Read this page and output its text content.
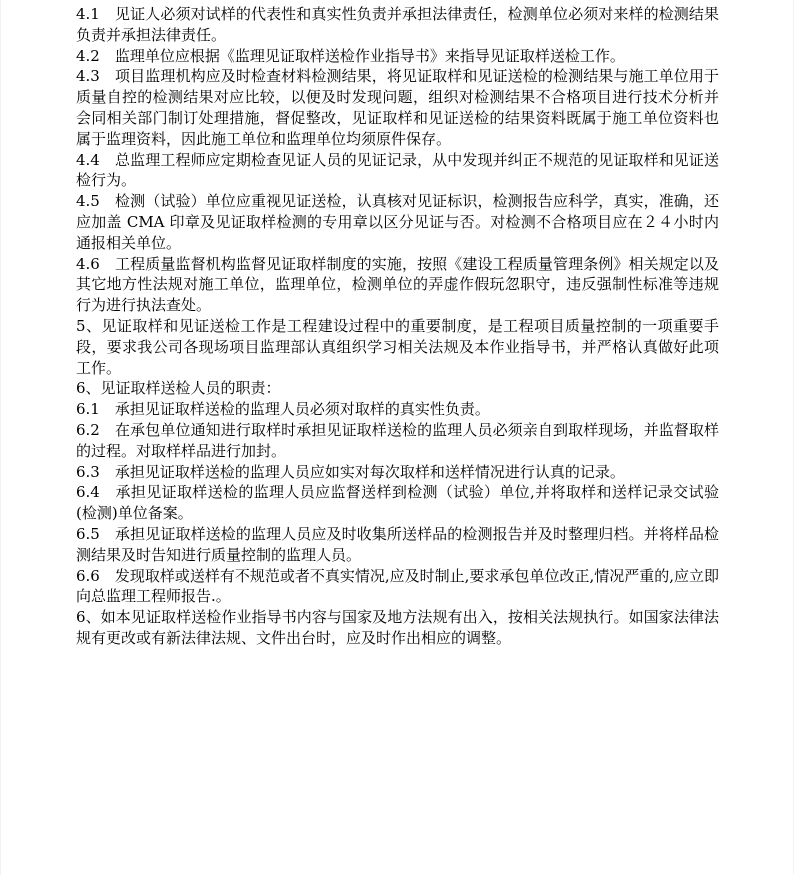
4.1　见证人必须对试样的代表性和真实性负责并承担法律责任，检测单位必须对来样的检测结果负责并承担法律责任。

4.2　监理单位应根据《监理见证取样送检作业指导书》来指导见证取样送检工作。

4.3　项目监理机构应及时检查材料检测结果，将见证取样和见证送检的检测结果与施工单位用于质量自控的检测结果对应比较，以便及时发现问题，组织对检测结果不合格项目进行技术分析并会同相关部门制订处理措施，督促整改，见证取样和见证送检的结果资料既属于施工单位资料也属于监理资料，因此施工单位和监理单位均须原件保存。

4.4　总监理工程师应定期检查见证人员的见证记录，从中发现并纠正不规范的见证取样和见证送检行为。

4.5　检测（试验）单位应重视见证送检，认真核对见证标识，检测报告应科学，真实，准确，还应加盖 CMA 印章及见证取样检测的专用章以区分见证与否。对检测不合格项目应在２４小时内通报相关单位。

4.6　工程质量监督机构监督见证取样制度的实施，按照《建设工程质量管理条例》相关规定以及其它地方性法规对施工单位，监理单位，检测单位的弄虚作假玩忽职守，违反强制性标准等违规行为进行执法查处。

5、见证取样和见证送检工作是工程建设过程中的重要制度，是工程项目质量控制的一项重要手段，要求我公司各现场项目监理部认真组织学习相关法规及本作业指导书，并严格认真做好此项工作。

6、见证取样送检人员的职责：

6.1　承担见证取样送检的监理人员必须对取样的真实性负责。

6.2　在承包单位通知进行取样时承担见证取样送检的监理人员必须亲自到取样现场，并监督取样的过程。对取样样品进行加封。

6.3　承担见证取样送检的监理人员应如实对每次取样和送样情况进行认真的记录。

6.4　承担见证取样送检的监理人员应监督送样到检测（试验）单位,并将取样和送样记录交试验(检测)单位备案。

6.5　承担见证取样送检的监理人员应及时收集所送样品的检测报告并及时整理归档。并将样品检测结果及时告知进行质量控制的监理人员。

6.6　发现取样或送样有不规范或者不真实情况,应及时制止,要求承包单位改正,情况严重的,应立即向总监理工程师报告.。

6、如本见证取样送检作业指导书内容与国家及地方法规有出入，按相关法规执行。如国家法律法规有更改或有新法律法规、文件出台时，应及时作出相应的调整。
